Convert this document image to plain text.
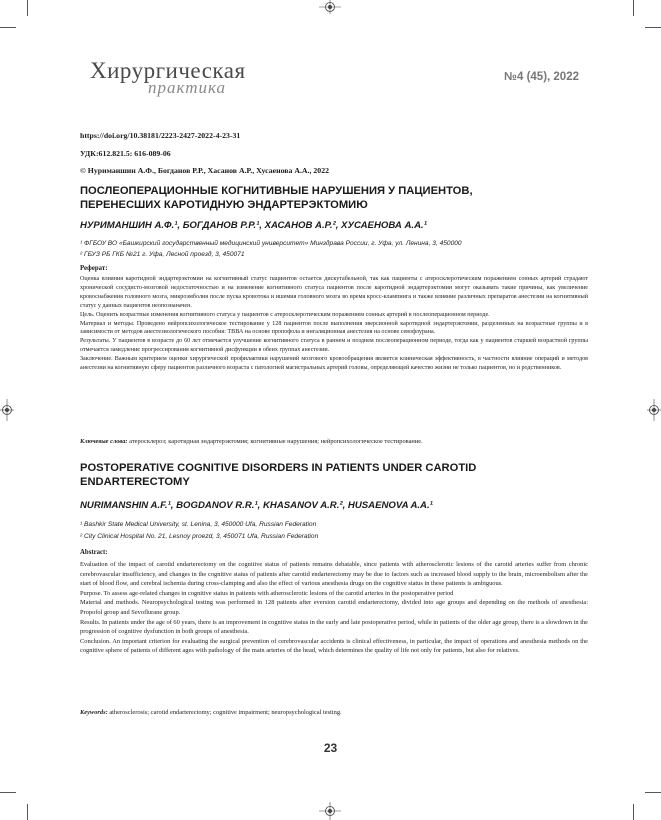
Хирургическая
практика
№4 (45), 2022
https://doi.org/10.38181/2223-2427-2022-4-23-31
УДК:612.821.5: 616-089-06
© Нуриманшин А.Ф., Богданов Р.Р., Хасанов А.Р., Хусаенова А.А., 2022
ПОСЛЕОПЕРАЦИОННЫЕ КОГНИТИВНЫЕ НАРУШЕНИЯ У ПАЦИЕНТОВ,
ПЕРЕНЕСШИХ КАРОТИДНУЮ ЭНДАРТЕРЭКТОМИЮ
НУРИМАНШИН А.Ф.¹, БОГДАНОВ Р.Р.¹, ХАСАНОВ А.Р.², ХУСАЕНОВА А.А.¹
¹ ФГБОУ ВО «Башкирский государственный медицинский университет» Минздрава России, г. Уфа, ул. Ленина, 3, 450000
² ГБУЗ РБ ГКБ №21 г. Уфа, Лесной проезд, 3, 450071
Реферат:
Оценка влияния каротидной эндартерэктомии на когнитивный статус пациентов остается дискутабельной, так как пациенты с атеросклеротическим поражением сонных артерий страдают хронической сосудисто-мозговой недостаточностью и на изменение когнитивного статуса пациентов после каротидной эндартерэктомии могут оказывать такие причины, как увеличение кровоснабжения головного мозга, микроэмболия после пуска кровотока и ишемия головного мозга во время кросс-клампинга и также влияние различных препаратов анестезии на когнитивный статус у данных пациентов неопознаначен.
Цель. Оценить возрастные изменения когнитивного статуса у пациентов с атеросклеротическим поражением сонных артерий в послеоперационном периоде.
Материал и методы. Проведено нейропсихологическое тестирование у 128 пациентов после выполнения эверсионной каротидной эндартерэктомии, разделенных на возрастные группы и в зависимости от методов анестезиологического пособия: ТВВА на основе пропофола и ингаляционная анестезия на основе севофлурана.
Результаты. У пациентов в возрасте до 60 лет отмечается улучшение когнитивного статуса в раннем и позднем послеоперационном периоде, тогда как у пациентов старшей возрастной группы отмечается замедление прогрессирования когнитивной дисфункции в обеих группах анестезии.
Заключение. Важным критерием оценки хирургической профилактики нарушений мозгового кровообращения является клиническая эффективность, в частности влияние операций и методов анестезии на когнитивную сферу пациентов различного возраста с патологией магистральных артерий головы, определяющей качество жизни не только пациентов, но и родственников.
Ключевые слова: атеросклероз; каротидная эндартерэктомия; когнитивные нарушения; нейропсихологическое тестирование.
POSTOPERATIVE COGNITIVE DISORDERS IN PATIENTS UNDER CAROTID
ENDARTERECTOMY
NURIMANSHIN A.F.¹, BOGDANOV R.R.¹, KHASANOV A.R.², HUSAENOVA A.A.¹
¹ Bashkir State Medical University, st. Lenina, 3, 450000 Ufa, Russian Federation
² City Clinical Hospital No. 21, Lesnoy proezd, 3, 450071 Ufa, Russian Federation
Abstract:
Evaluation of the impact of carotid endarterectomy on the cognitive status of patients remains debatable, since patients with atherosclerotic lesions of the carotid arteries suffer from chronic cerebrovascular insufficiency, and changes in the cognitive status of patients after carotid endarterectomy may be due to factors such as increased blood supply to the brain, microembolism after the start of blood flow, and cerebral ischemia during cross-clamping and also the effect of various anesthesia drugs on the cognitive status in these patients is ambiguous.
Purpose. To assess age-related changes in cognitive status in patients with atherosclerotic lesions of the carotid arteries in the postoperative period
Material and methods. Neuropsychological testing was performed in 128 patients after eversion carotid endarterectomy, divided into age groups and depending on the methods of anesthesia: Propofol group and Sevoflurane group.
Results. In patients under the age of 60 years, there is an improvement in cognitive status in the early and late postoperative period, while in patients of the older age group, there is a slowdown in the progression of cognitive dysfunction in both groups of anesthesia.
Conclusion. An important criterion for evaluating the surgical prevention of cerebrovascular accidents is clinical effectiveness, in particular, the impact of operations and anesthesia methods on the cognitive sphere of patients of different ages with pathology of the main arteries of the head, which determines the quality of life not only for patients, but also for relatives.
Keywords: atherosclerosis; carotid endarterectomy; cognitive impairment; neuropsychological testing.
23
